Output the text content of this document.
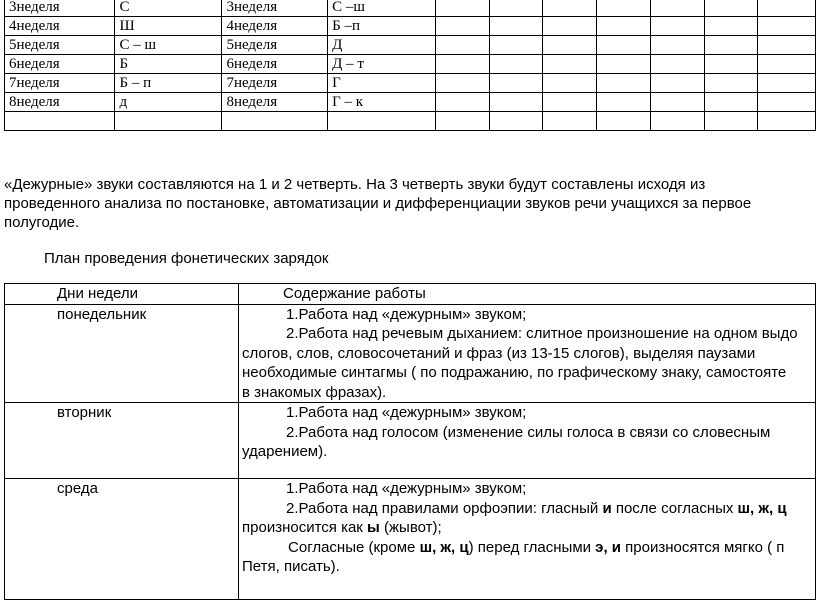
3неделя	С	3неделя	С –ш							
4неделя	Ш	4неделя	Б –п							
5неделя	С – ш	5неделя	Д							
6неделя	Б	6неделя	Д – т							
7неделя	Б – п	7неделя	Г							
8неделя	д	8неделя	Г – к							

«Дежурные» звуки составляются на 1 и 2 четверть. На 3 четверть звуки будут составлены исходя из
проведенного анализа по постановке, автоматизации и дифференциации звуков речи учащихся за первое
полугодие.
План проведения фонетических зарядок
Дни недели	Содержание работы
понедельник	1.Работа над «дежурным» звуком;
2.Работа над речевым дыханием: слитное произношение на одном выдо
слогов, слов, словосочетаний и фраз (из 13-15 слогов), выделяя паузами
необходимые синтагмы ( по подражанию, по графическому знаку, самостояте
в знакомых фразах).

вторник	1.Работа над «дежурным» звуком;
2.Работа над голосом (изменение силы голоса в связи со словесным
ударением).

среда	1.Работа над «дежурным» звуком;
2.Работа над правилами орфоэпии: гласный и после согласных ш, ж, ц
произносится как ы (жывот);
Согласные (кроме ш, ж, ц) перед гласными э, и произносятся мягко ( п
Петя, писать).
